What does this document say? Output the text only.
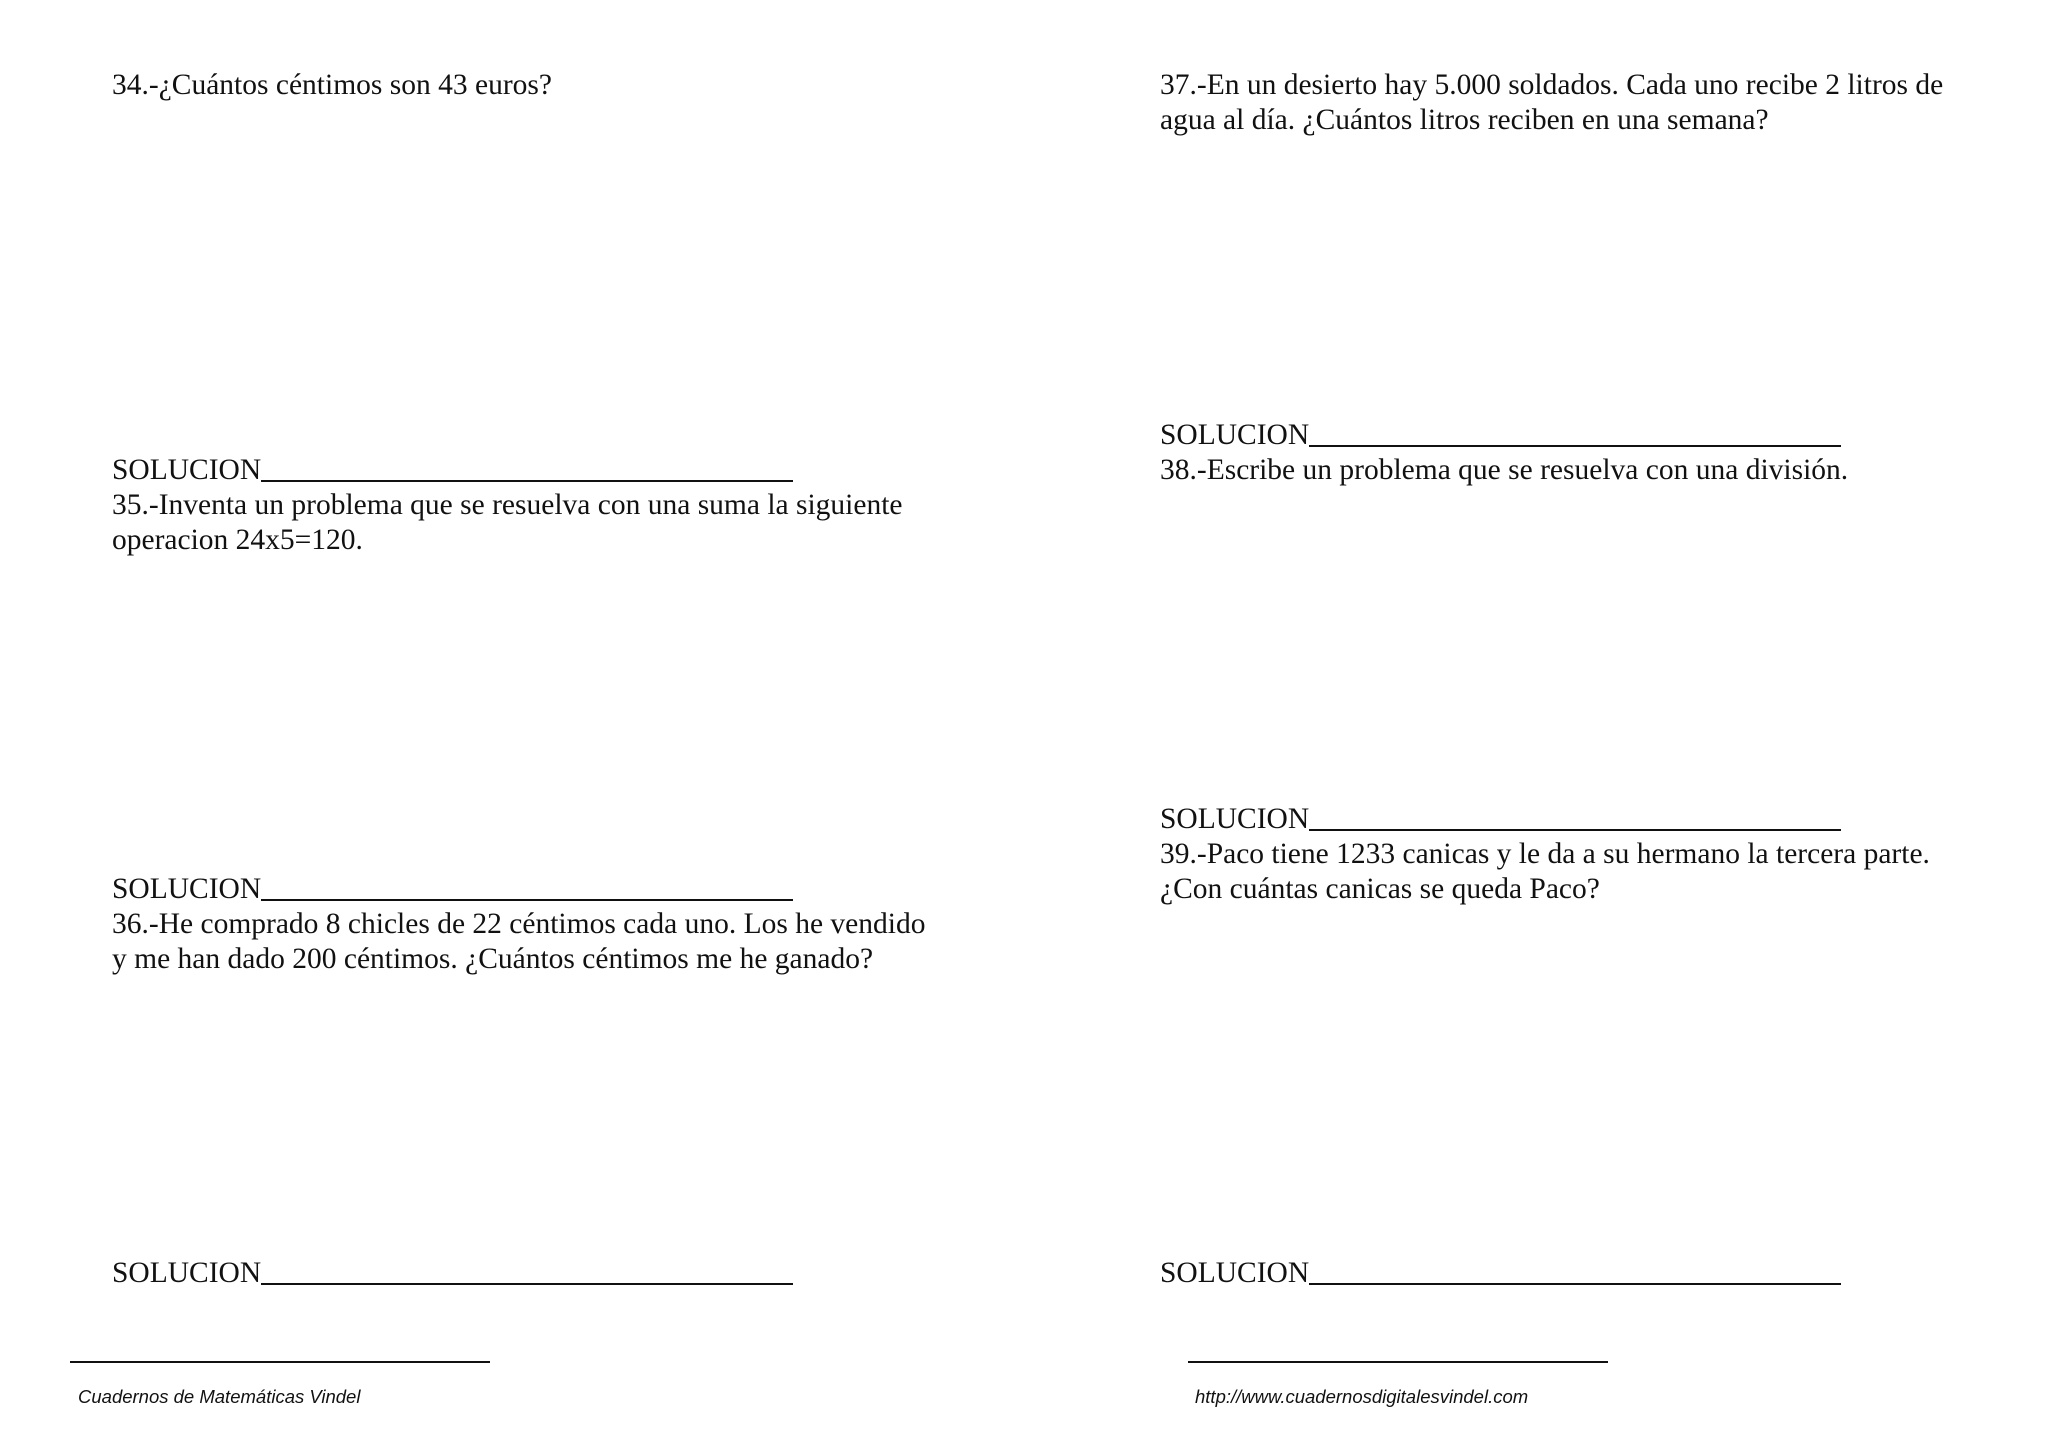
34.-¿Cuántos céntimos son 43 euros?

SOLUCION

35.-Inventa un problema que se resuelva con una suma la siguiente
operacion 24x5=120.

SOLUCION

36.-He comprado 8 chicles de 22 céntimos cada uno. Los he vendido
y me han dado 200 céntimos. ¿Cuántos céntimos me he ganado?

SOLUCION

37.-En un desierto hay 5.000 soldados. Cada uno recibe 2 litros de
agua al día. ¿Cuántos litros reciben en una semana?

SOLUCION

38.-Escribe un problema que se resuelva con una división.

SOLUCION

39.-Paco tiene 1233 canicas y le da a su hermano la tercera parte.
¿Con cuántas canicas se queda Paco?

SOLUCION
Cuadernos de Matemáticas Vindel	http://www.cuadernosdigitalesvindel.com
